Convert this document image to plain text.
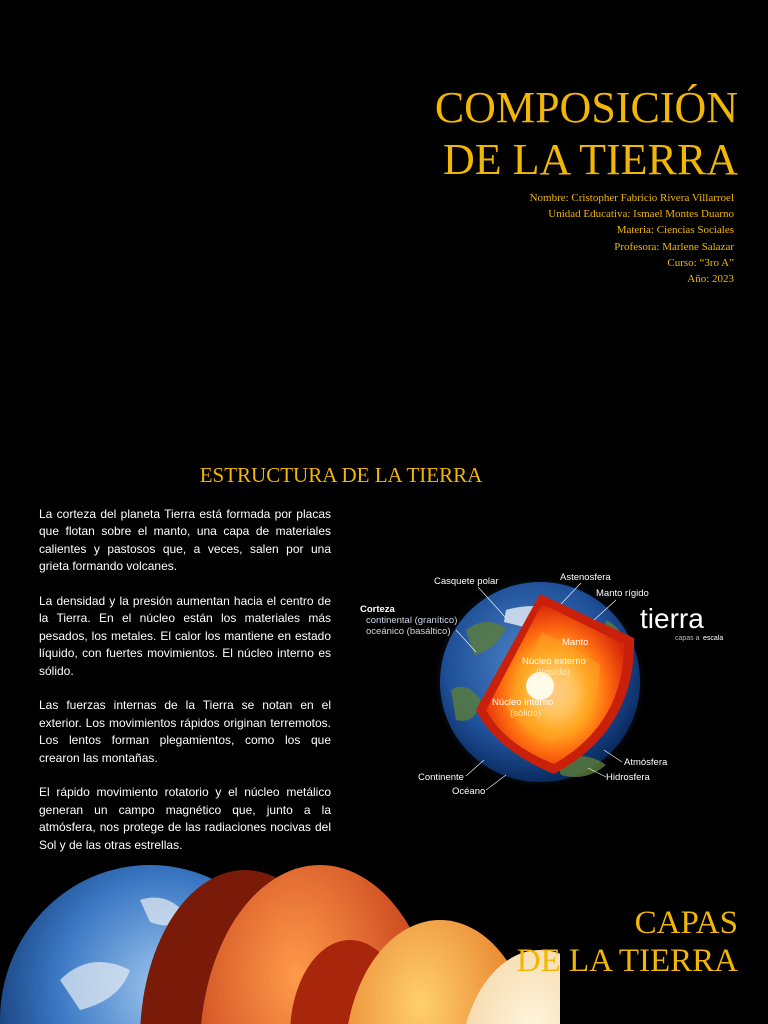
COMPOSICIÓN
DE LA TIERRA
Nombre: Cristopher Fabricio Rivera Villarroel
Unidad Educativa: Ismael Montes Duarno
Materia: Ciencias Sociales
Profesora: Marlene Salazar
Curso: “3ro A”
Año: 2023
ESTRUCTURA DE LA TIERRA

La corteza del planeta Tierra está formada por placas que flotan sobre el manto, una capa de materiales calientes y pastosos que, a veces, salen por una grieta formando volcanes.

La densidad y la presión aumentan hacia el centro de la Tierra. En el núcleo están los materiales más pesados, los metales. El calor los mantiene en estado líquido, con fuertes movimientos. El núcleo interno es sólido.

Las fuerzas internas de la Tierra se notan en el exterior. Los movimientos rápidos originan terremotos. Los lentos forman plegamientos, como los que crearon las montañas.

El rápido movimiento rotatorio y el núcleo metálico generan un campo magnético que, junto a la atmósfera, nos protege de las radiaciones nocivas del Sol y de las otras estrellas.

Casquete polar	Astenosfera
Manto rígido
Corteza
continental (granítico)
oceánico (basáltico)
Manto
Núcleo externo
(líquido)
Núcleo interno
(sólido)
Atmósfera
Hidrosfera
Continente
Océano
tierra
capas a escala
CAPAS
DE LA TIERRA
